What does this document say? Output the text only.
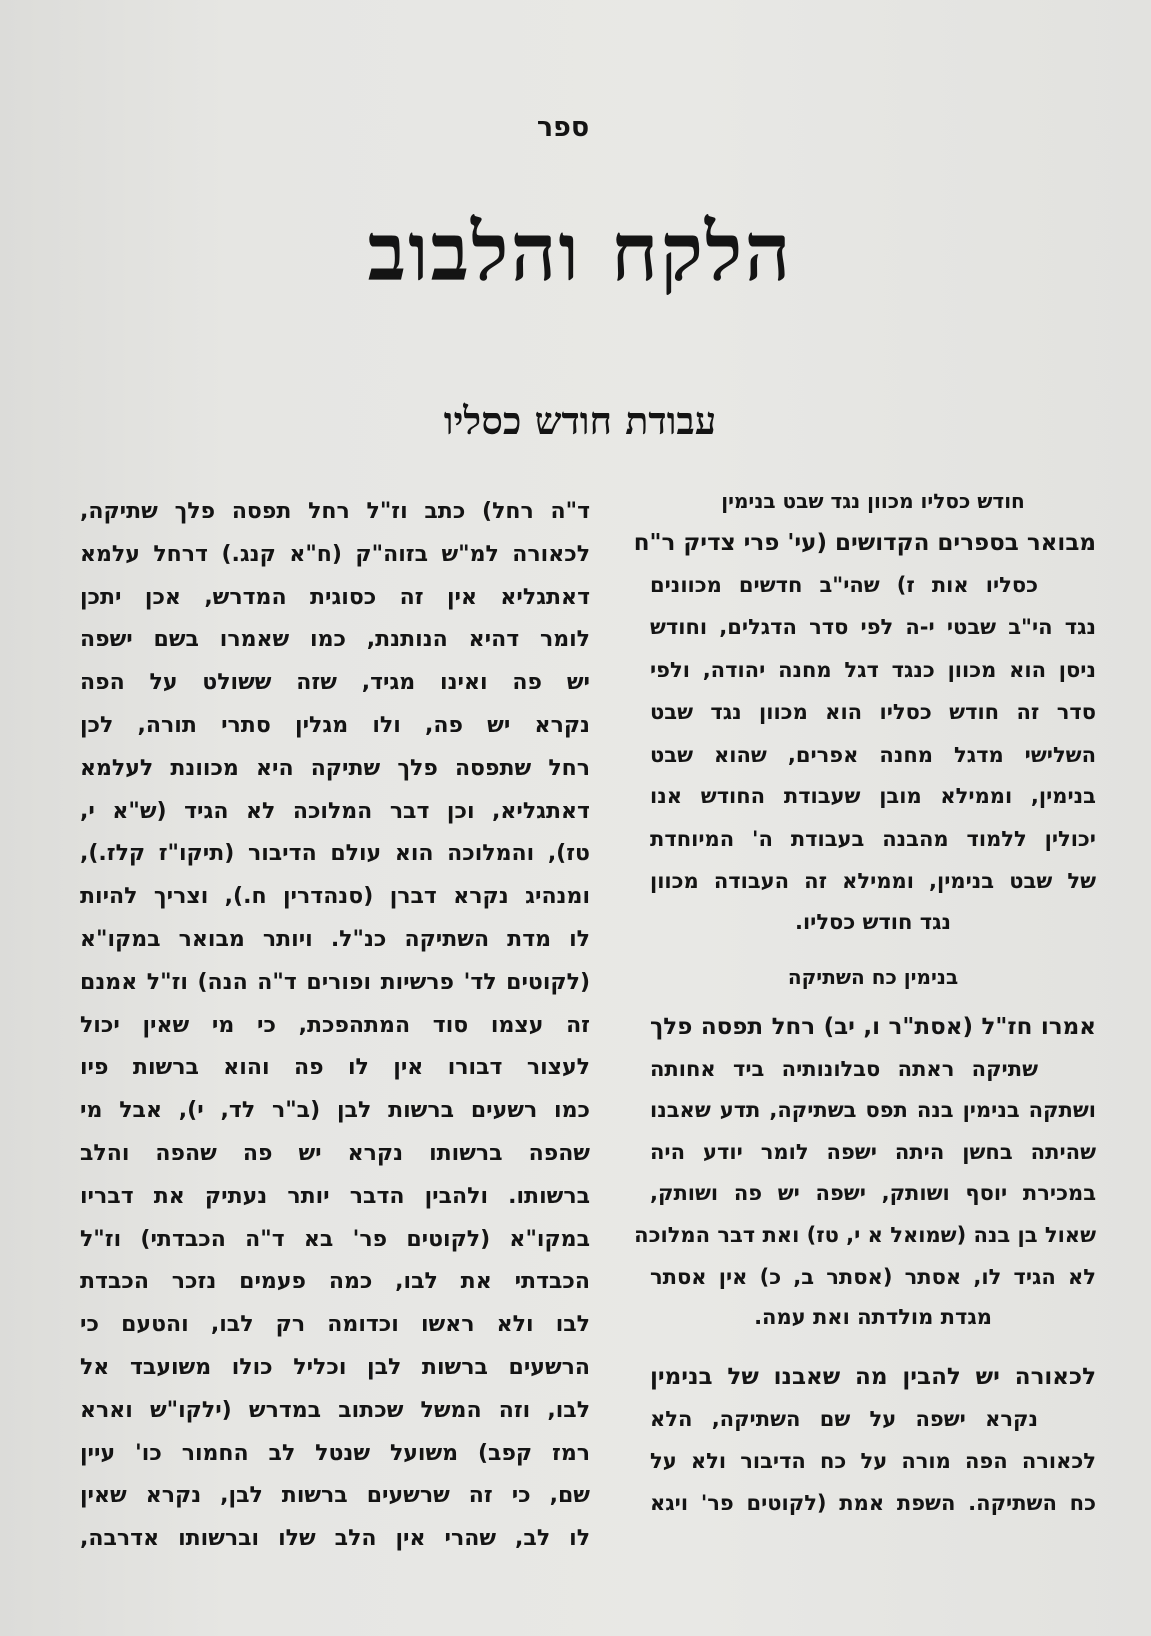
ספר
הלקח והלבוב
עבודת חודש כסליו
חודש כסליו מכוון נגד שבט בנימין
מבואר בספרים הקדושים (עי' פרי צדיק ר"ח
כסליו אות ז) שהי"ב חדשים מכוונים
נגד הי"ב שבטי י-ה לפי סדר הדגלים, וחודש
ניסן הוא מכוון כנגד דגל מחנה יהודה, ולפי
סדר זה חודש כסליו הוא מכוון נגד שבט
השלישי מדגל מחנה אפרים, שהוא שבט
בנימין, וממילא מובן שעבודת החודש אנו
יכולין ללמוד מהבנה בעבודת ה' המיוחדת
של שבט בנימין, וממילא זה העבודה מכוון
נגד חודש כסליו.
בנימין כח השתיקה
אמרו חז"ל (אסת"ר ו, יב) רחל תפסה פלך
שתיקה ראתה סבלונותיה ביד אחותה
ושתקה בנימין בנה תפס בשתיקה, תדע שאבנו
שהיתה בחשן היתה ישפה לומר יודע היה
במכירת יוסף ושותק, ישפה יש פה ושותק,
שאול בן בנה (שמואל א י, טז) ואת דבר המלוכה
לא הגיד לו, אסתר (אסתר ב, כ) אין אסתר
מגדת מולדתה ואת עמה.
לכאורה יש להבין מה שאבנו של בנימין
נקרא ישפה על שם השתיקה, הלא
לכאורה הפה מורה על כח הדיבור ולא על
כח השתיקה. השפת אמת (לקוטים פר' ויגא
ד"ה רחל) כתב וז"ל רחל תפסה פלך שתיקה,
לכאורה למ"ש בזוה"ק (ח"א קנג.) דרחל עלמא
דאתגליא אין זה כסוגית המדרש, אכן יתכן
לומר דהיא הנותנת, כמו שאמרו בשם ישפה
יש פה ואינו מגיד, שזה ששולט על הפה
נקרא יש פה, ולו מגלין סתרי תורה, לכן
רחל שתפסה פלך שתיקה היא מכוונת לעלמא
דאתגליא, וכן דבר המלוכה לא הגיד (ש"א י,
טז), והמלוכה הוא עולם הדיבור (תיקו"ז קלז.),
ומנהיג נקרא דברן (סנהדרין ח.), וצריך להיות
לו מדת השתיקה כנ"ל. ויותר מבואר במקו"א
(לקוטים לד' פרשיות ופורים ד"ה הנה) וז"ל אמנם
זה עצמו סוד המתהפכת, כי מי שאין יכול
לעצור דבורו אין לו פה והוא ברשות פיו
כמו רשעים ברשות לבן (ב"ר לד, י), אבל מי
שהפה ברשותו נקרא יש פה שהפה והלב
ברשותו. ולהבין הדבר יותר נעתיק את דבריו
במקו"א (לקוטים פר' בא ד"ה הכבדתי) וז"ל
הכבדתי את לבו, כמה פעמים נזכר הכבדת
לבו ולא ראשו וכדומה רק לבו, והטעם כי
הרשעים ברשות לבן וכליל כולו משועבד אל
לבו, וזה המשל שכתוב במדרש (ילקו"ש וארא
רמז קפב) משועל שנטל לב החמור כו' עיין
שם, כי זה שרשעים ברשות לבן, נקרא שאין
לו לב, שהרי אין הלב שלו וברשותו אדרבה,
